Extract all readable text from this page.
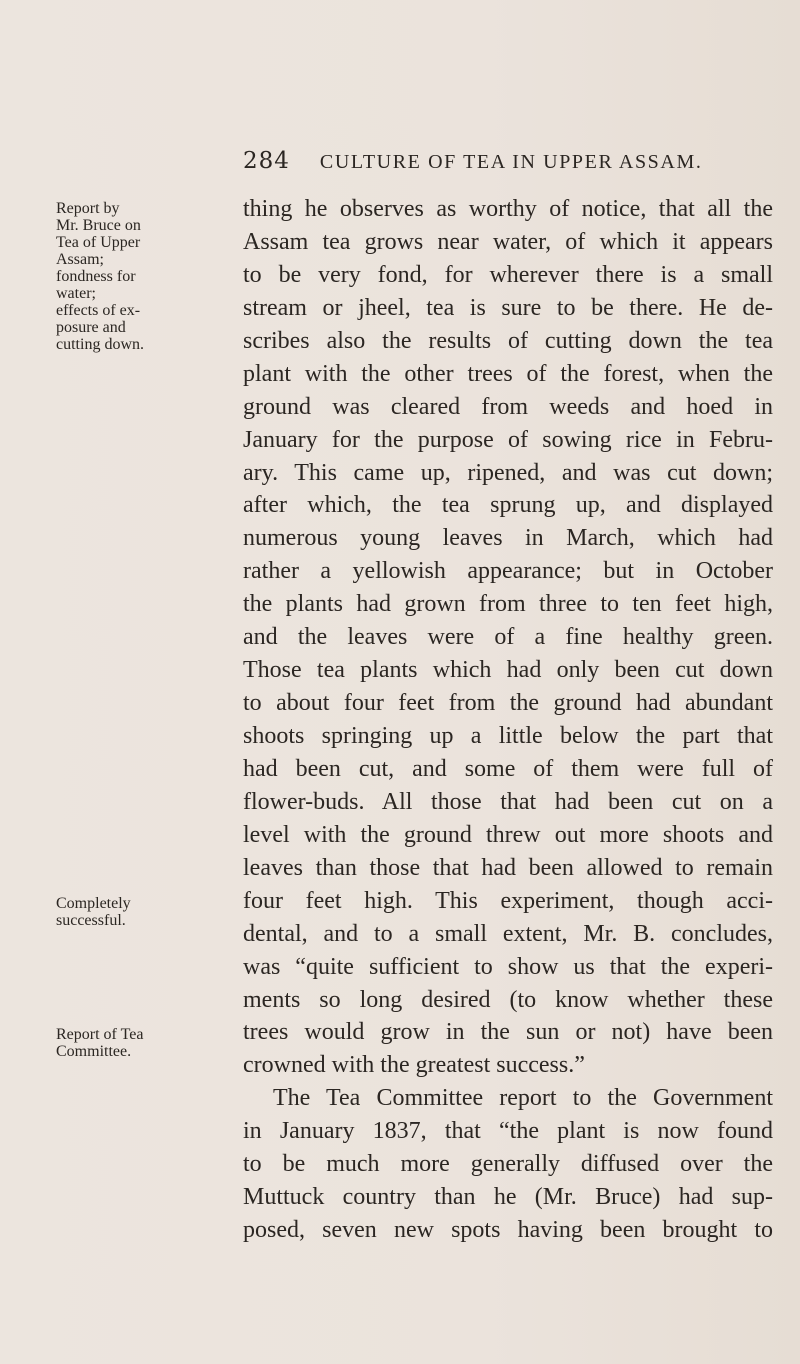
284 CULTURE OF TEA IN UPPER ASSAM.
Report by
Mr. Bruce on
Tea of Upper
Assam;
fondness for
water;
effects of ex-
posure and
cutting down.
Completely
successful.
Report of Tea
Committee.
thing he observes as worthy of notice, that all the
Assam tea grows near water, of which it appears
to be very fond, for wherever there is a small
stream or jheel, tea is sure to be there. He de-
scribes also the results of cutting down the tea
plant with the other trees of the forest, when the
ground was cleared from weeds and hoed in
January for the purpose of sowing rice in Febru-
ary. This came up, ripened, and was cut down;
after which, the tea sprung up, and displayed
numerous young leaves in March, which had
rather a yellowish appearance; but in October
the plants had grown from three to ten feet high,
and the leaves were of a fine healthy green.
Those tea plants which had only been cut down
to about four feet from the ground had abundant
shoots springing up a little below the part that
had been cut, and some of them were full of
flower-buds. All those that had been cut on a
level with the ground threw out more shoots and
leaves than those that had been allowed to remain
four feet high. This experiment, though acci-
dental, and to a small extent, Mr. B. concludes,
was “quite sufficient to show us that the experi-
ments so long desired (to know whether these
trees would grow in the sun or not) have been
crowned with the greatest success.”
The Tea Committee report to the Government
in January 1837, that “the plant is now found
to be much more generally diffused over the
Muttuck country than he (Mr. Bruce) had sup-
posed, seven new spots having been brought to
